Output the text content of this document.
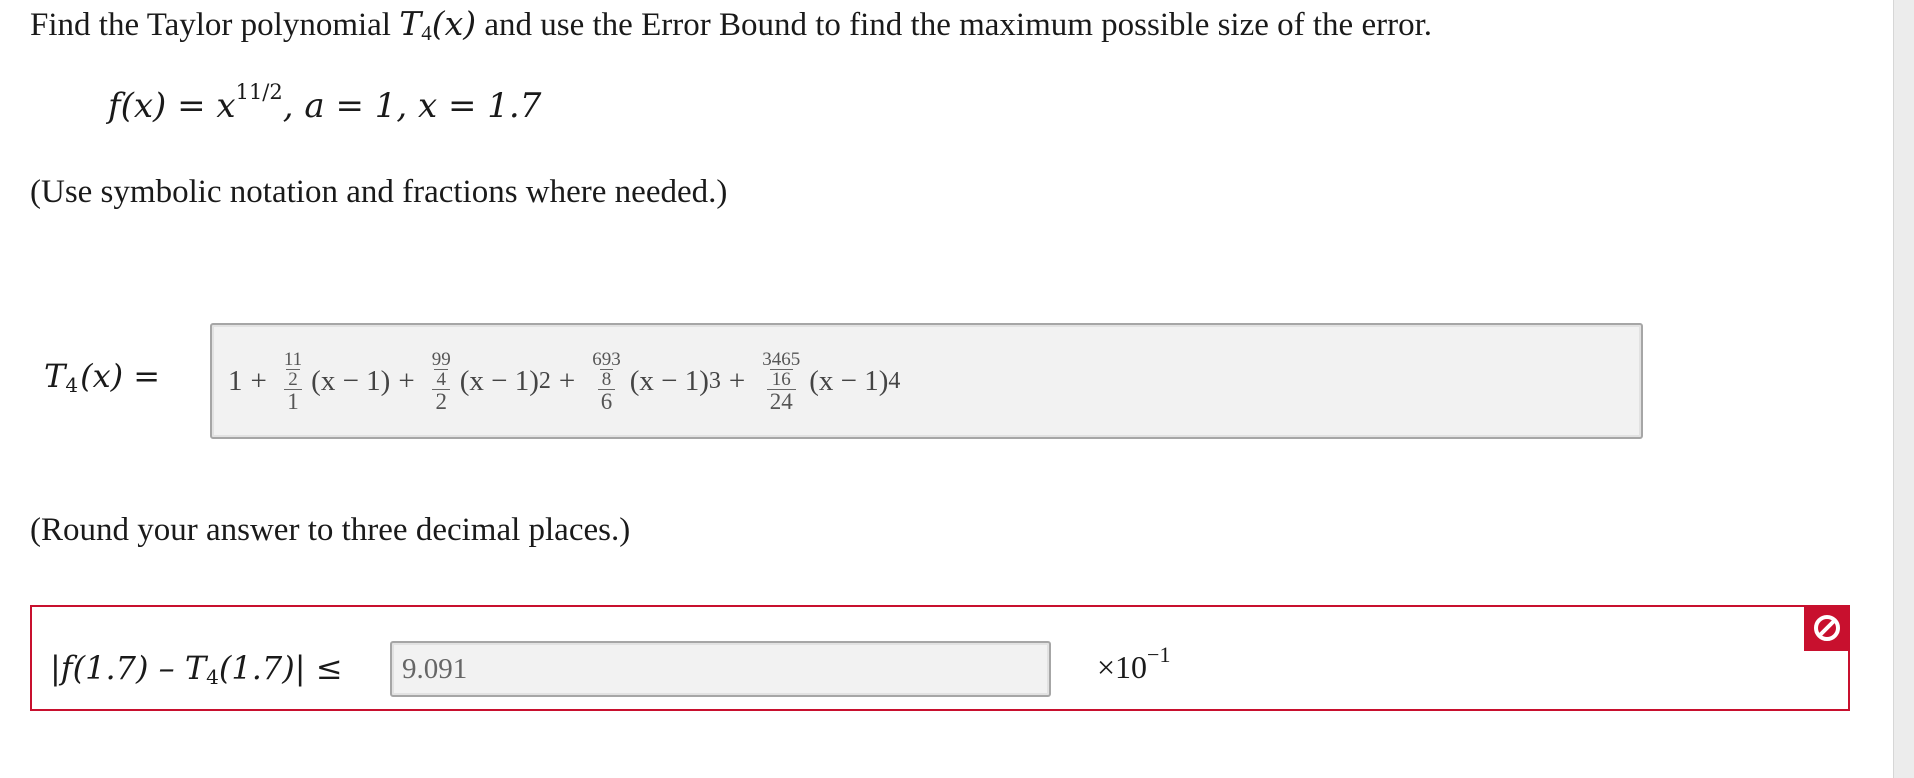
Find the Taylor polynomial $T_4(x)$ and use the Error Bound to find the maximum possible size of the error.
$f(x) = x^{11/2}$, a = 1, x = 1.7
(Use symbolic notation and fractions where needed.)
$T_4(x) = 1 + 11$
2
1 (x − 1) + 99
4
2 (x − 1) 2 + 693
8
6 (x − 1) 3 + 3465
16
24 (x − 1) 4
(Round your answer to three decimal places.)
$|f(1.7) - T_4(1.7)|$ ≤
9.091	$\times 10^{-1}$
